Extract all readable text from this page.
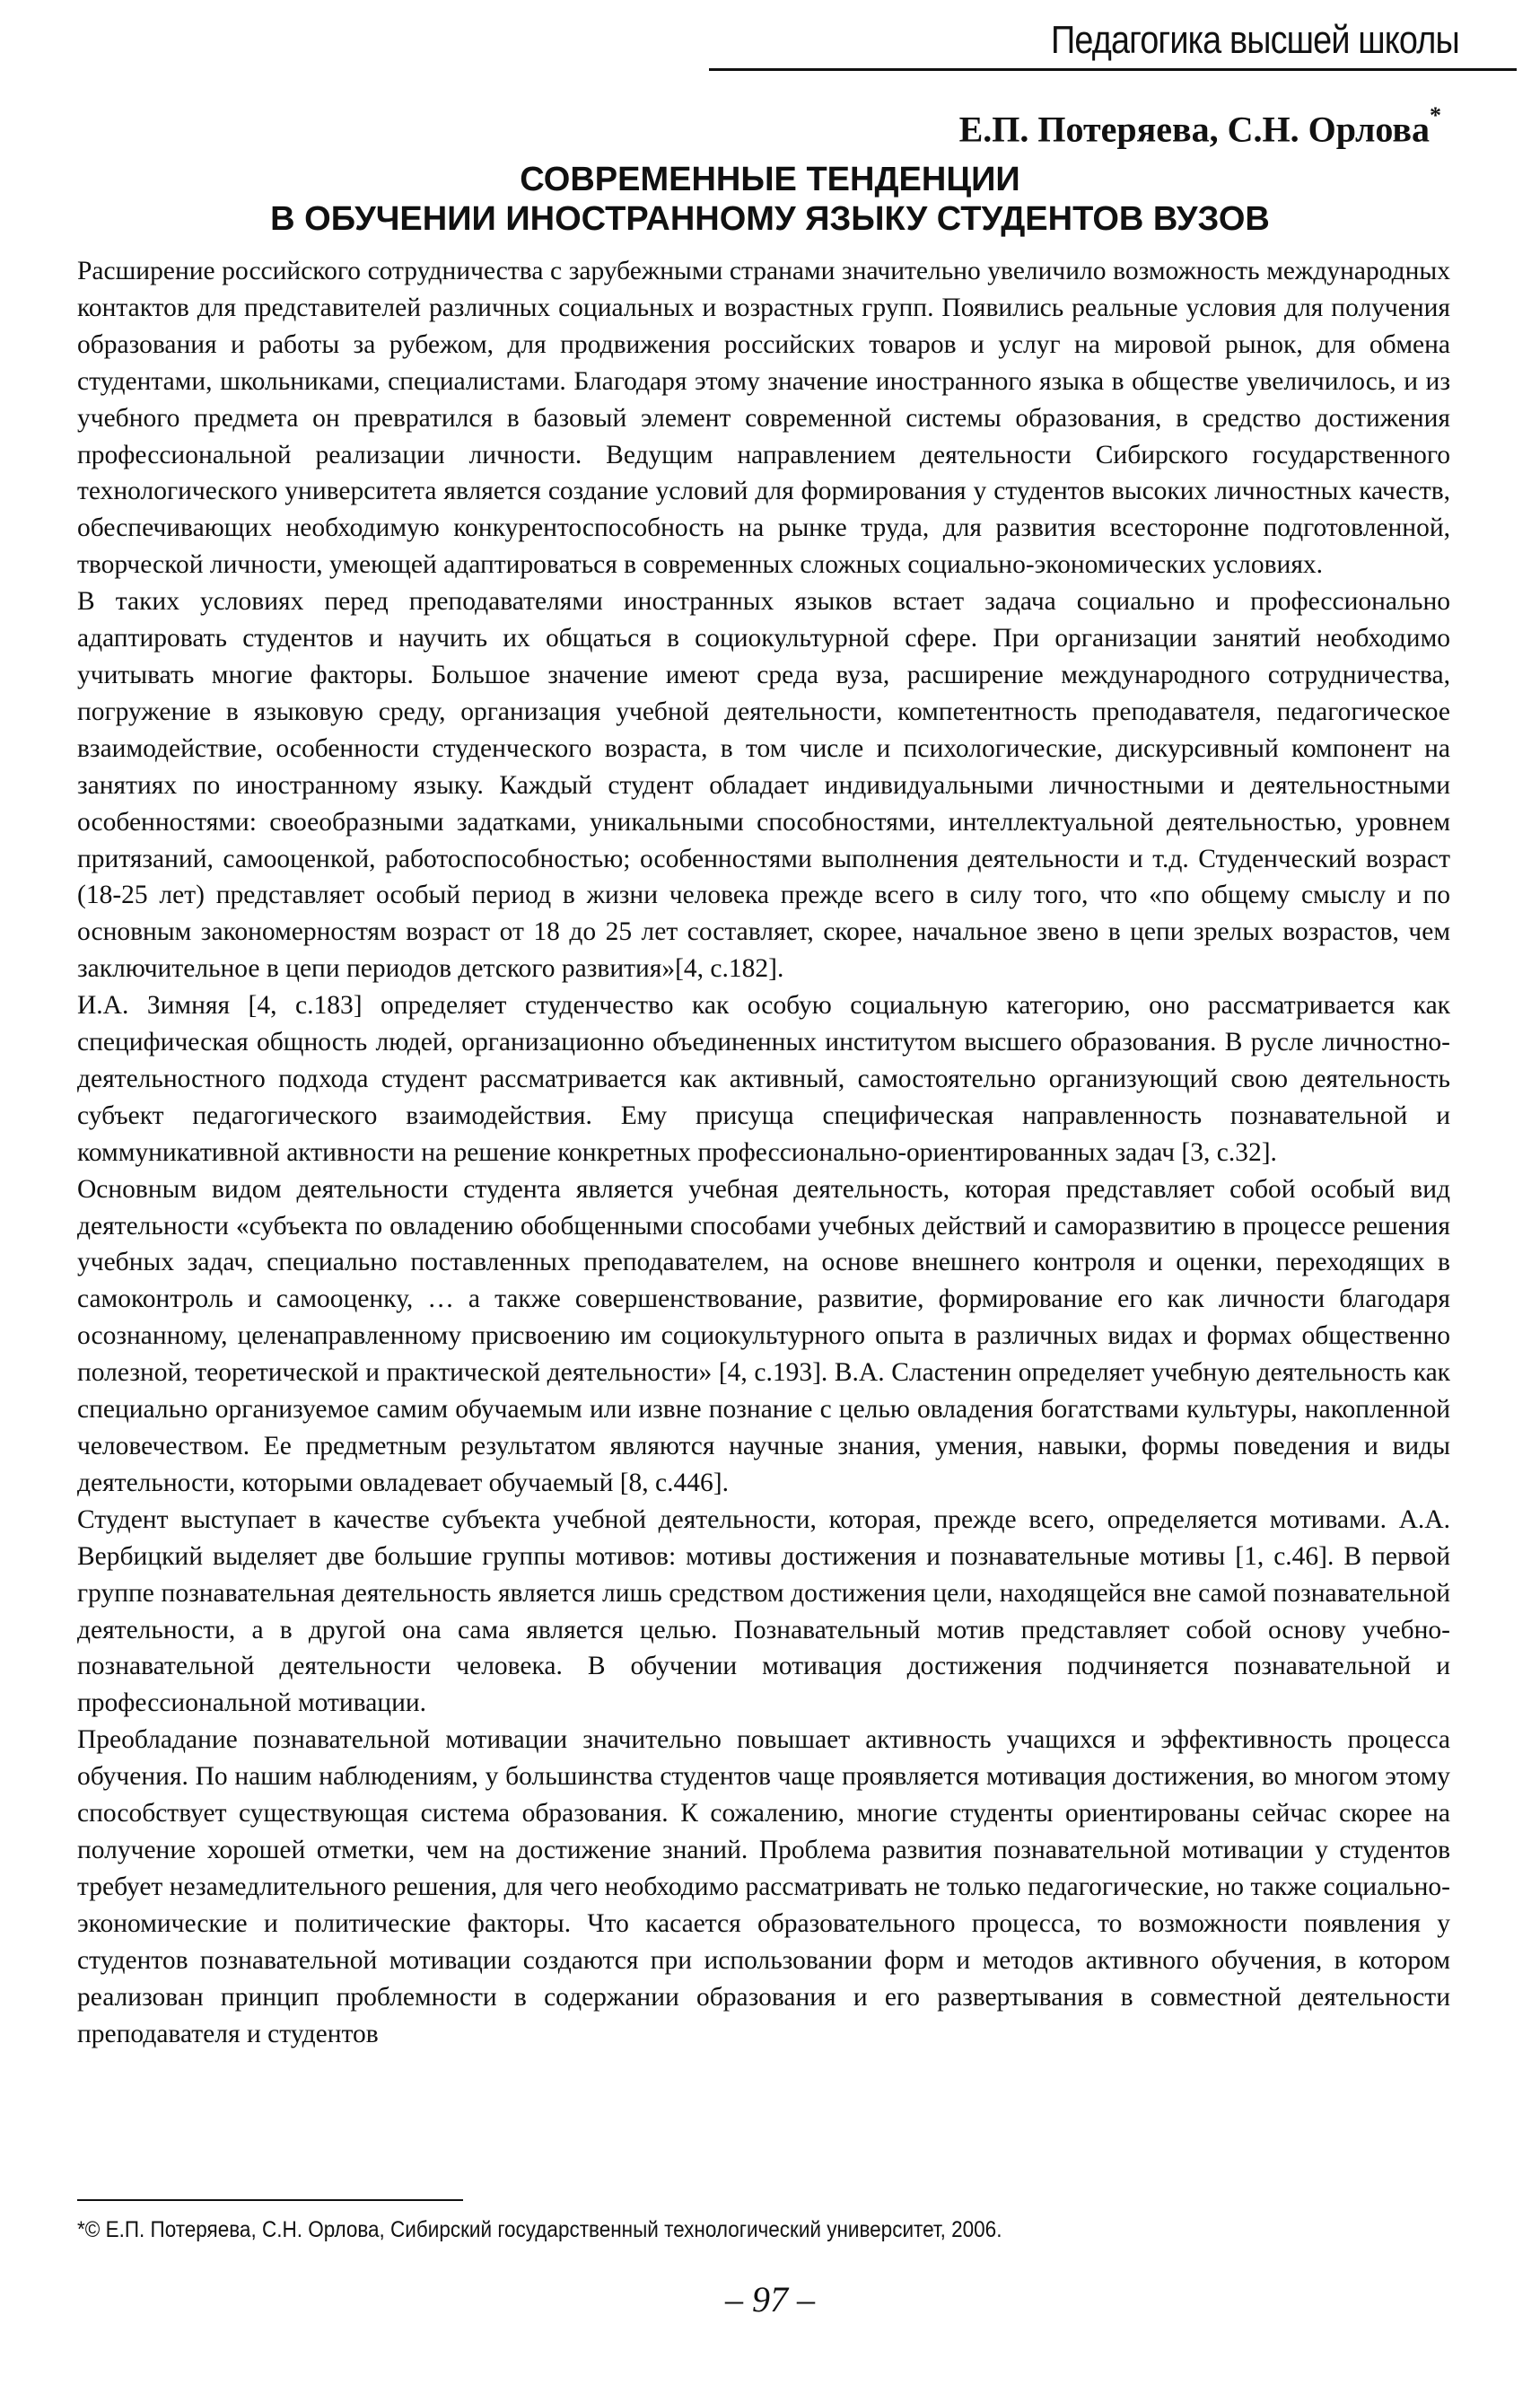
Педагогика высшей школы
Е.П. Потеряева, С.Н. Орлова*
СОВРЕМЕННЫЕ ТЕНДЕНЦИИ
В ОБУЧЕНИИ ИНОСТРАННОМУ ЯЗЫКУ СТУДЕНТОВ ВУЗОВ

Расширение российского сотрудничества с зарубежными странами значительно увеличило возможность международных контактов для представителей различных социальных и возрастных групп. Появились реальные условия для получения образования и работы за рубежом, для продвижения российских товаров и услуг на мировой рынок, для обмена студентами, школьниками, специалистами. Благодаря этому значение иностранного языка в обществе увеличилось, и из учебного предмета он превратился в базовый элемент современной системы образования, в средство достижения профессиональной реализации личности. Ведущим направлением деятельности Сибирского государственного технологического университета является создание условий для формирования у студентов высоких личностных качеств, обеспечивающих необходимую конкурентоспособность на рынке труда, для развития всесторонне подготовленной, творческой личности, умеющей адаптироваться в современных сложных социально-экономических условиях.

В таких условиях перед преподавателями иностранных языков встает задача социально и профессионально адаптировать студентов и научить их общаться в социокультурной сфере. При организации занятий необходимо учитывать многие факторы. Большое значение имеют среда вуза, расширение международного сотрудничества, погружение в языковую среду, организация учебной деятельности, компетентность преподавателя, педагогическое взаимодействие, особенности студенческого возраста, в том числе и психологические, дискурсивный компонент на занятиях по иностранному языку. Каждый студент обладает индивидуальными личностными и деятельностными особенностями: своеобразными задатками, уникальными способностями, интеллектуальной деятельностью, уровнем притязаний, самооценкой, работоспособностью; особенностями выполнения деятельности и т.д. Студенческий возраст (18-25 лет) представляет особый период в жизни человека прежде всего в силу того, что «по общему смыслу и по основным закономерностям возраст от 18 до 25 лет составляет, скорее, начальное звено в цепи зрелых возрастов, чем заключительное в цепи периодов детского развития»[4, с.182].

И.А. Зимняя [4, с.183] определяет студенчество как особую социальную категорию, оно рассматривается как специфическая общность людей, организационно объединенных институтом высшего образования. В русле личностно-деятельностного подхода студент рассматривается как активный, самостоятельно организующий свою деятельность субъект педагогического взаимодействия. Ему присуща специфическая направленность познавательной и коммуникативной активности на решение конкретных профессионально-ориентированных задач [3, с.32].

Основным видом деятельности студента является учебная деятельность, которая представляет собой особый вид деятельности «субъекта по овладению обобщенными способами учебных действий и саморазвитию в процессе решения учебных задач, специально поставленных преподавателем, на основе внешнего контроля и оценки, переходящих в самоконтроль и самооценку, … а также совершенствование, развитие, формирование его как личности благодаря осознанному, целенаправленному присвоению им социокультурного опыта в различных видах и формах общественно полезной, теоретической и практической деятельности» [4, с.193]. В.А. Сластенин определяет учебную деятельность как специально организуемое самим обучаемым или извне познание с целью овладения богатствами культуры, накопленной человечеством. Ее предметным результатом являются научные знания, умения, навыки, формы поведения и виды деятельности, которыми овладевает обучаемый [8, с.446].

Студент выступает в качестве субъекта учебной деятельности, которая, прежде всего, определяется мотивами. А.А. Вербицкий выделяет две большие группы мотивов: мотивы достижения и познавательные мотивы [1, с.46]. В первой группе познавательная деятельность является лишь средством достижения цели, находящейся вне самой познавательной деятельности, а в другой она сама является целью. Познавательный мотив представляет собой основу учебно-познавательной деятельности человека. В обучении мотивация достижения подчиняется познавательной и профессиональной мотивации.

Преобладание познавательной мотивации значительно повышает активность учащихся и эффективность процесса обучения. По нашим наблюдениям, у большинства студентов чаще проявляется мотивация достижения, во многом этому способствует существующая система образования. К сожалению, многие студенты ориентированы сейчас скорее на получение хорошей отметки, чем на достижение знаний. Проблема развития познавательной мотивации у студентов требует незамедлительного решения, для чего необходимо рассматривать не только педагогические, но также социально-экономические и политические факторы. Что касается образовательного процесса, то возможности появления у студентов познавательной мотивации создаются при использовании форм и методов активного обучения, в котором реализован принцип проблемности в содержании образования и его развертывания в совместной деятельности преподавателя и студентов

*© Е.П. Потеряева, С.Н. Орлова, Сибирский государственный технологический университет, 2006.
– 97 –
